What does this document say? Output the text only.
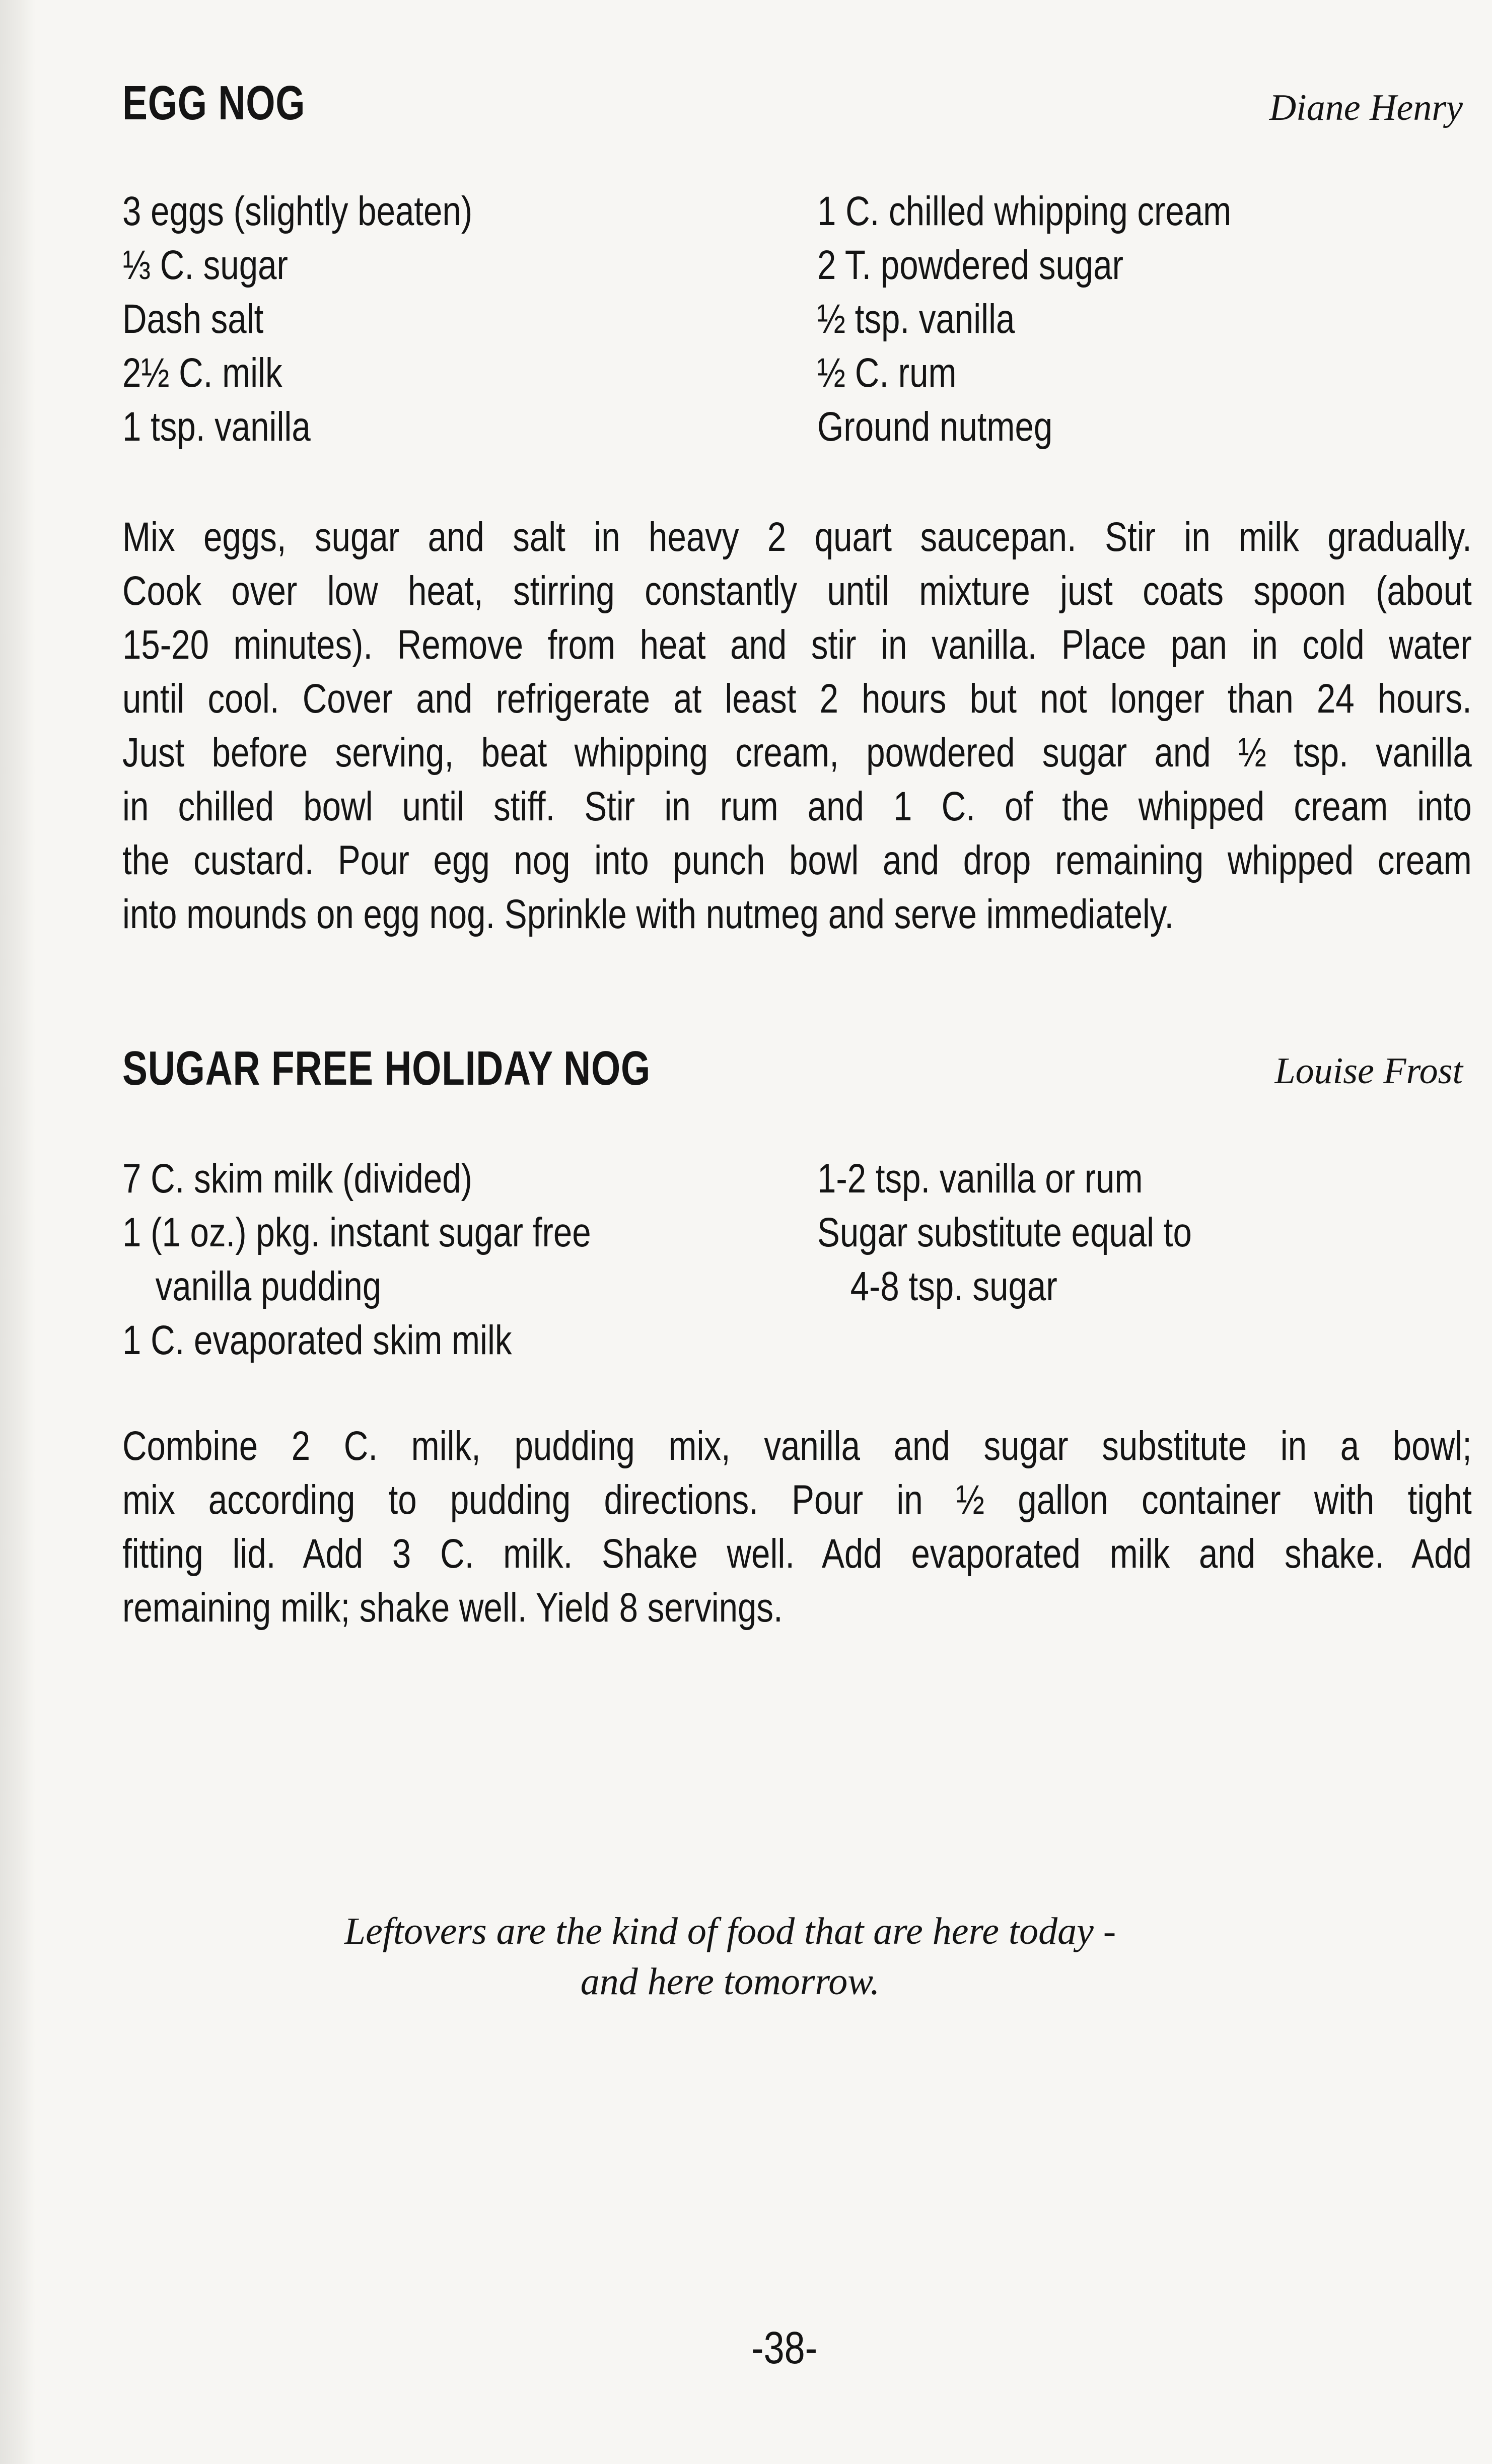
EGG NOG	Diane Henry
3 eggs (slightly beaten)
⅓ C. sugar
Dash salt
2½ C. milk
1 tsp. vanilla
1 C. chilled whipping cream
2 T. powdered sugar
½ tsp. vanilla
½ C. rum
Ground nutmeg
Mix eggs, sugar and salt in heavy 2 quart saucepan. Stir in milk gradually.
Cook over low heat, stirring constantly until mixture just coats spoon (about
15-20 minutes). Remove from heat and stir in vanilla. Place pan in cold water
until cool. Cover and refrigerate at least 2 hours but not longer than 24 hours.
Just before serving, beat whipping cream, powdered sugar and ½ tsp. vanilla
in chilled bowl until stiff. Stir in rum and 1 C. of the whipped cream into
the custard. Pour egg nog into punch bowl and drop remaining whipped cream
into mounds on egg nog. Sprinkle with nutmeg and serve immediately.
SUGAR FREE HOLIDAY NOG	Louise Frost
7 C. skim milk (divided)
1 (1 oz.) pkg. instant sugar free
vanilla pudding
1 C. evaporated skim milk
1-2 tsp. vanilla or rum
Sugar substitute equal to
4-8 tsp. sugar
Combine 2 C. milk, pudding mix, vanilla and sugar substitute in a bowl;
mix according to pudding directions. Pour in ½ gallon container with tight
fitting lid. Add 3 C. milk. Shake well. Add evaporated milk and shake. Add
remaining milk; shake well. Yield 8 servings.
Leftovers are the kind of food that are here today -
and here tomorrow.
-38-
